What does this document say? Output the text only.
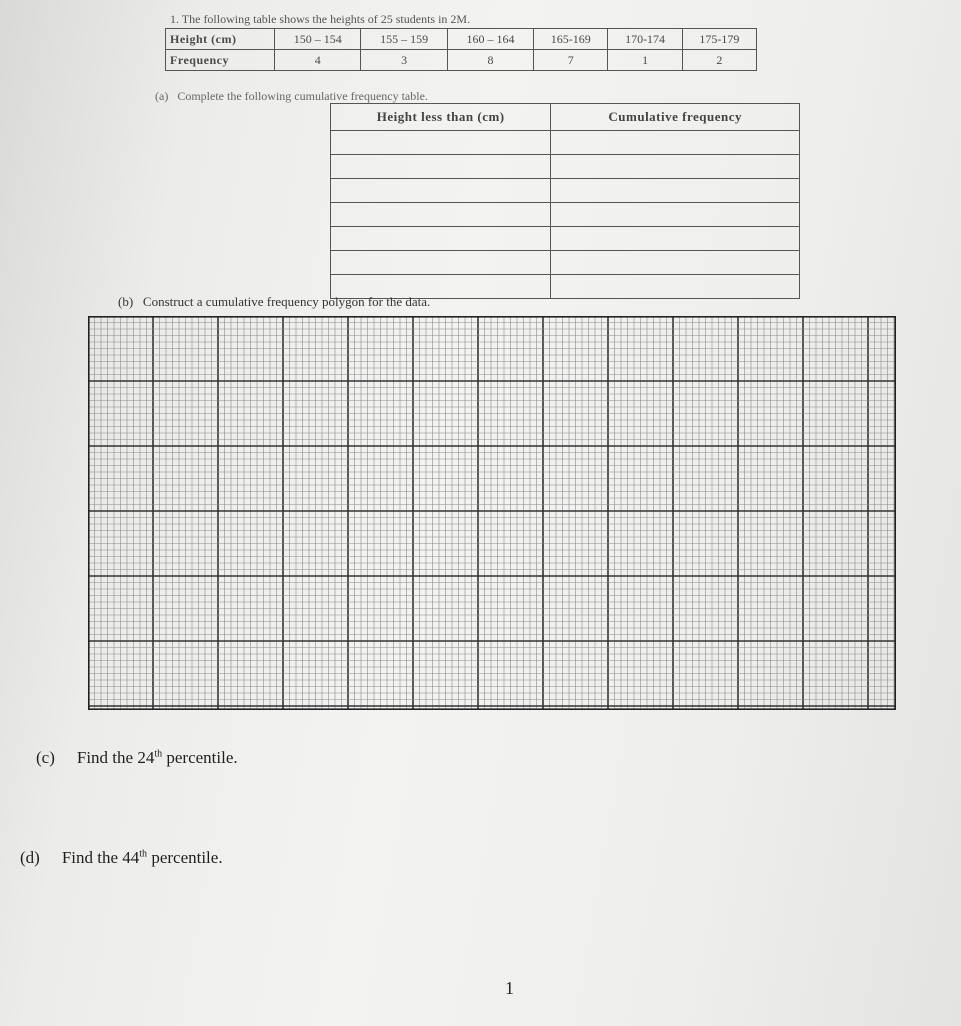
1. The following table shows the heights of 25 students in 2M.
Height (cm)	150 – 154	155 – 159	160 – 164	165-169	170-174	175-179
Frequency	4	3	8	7	1	2
(a) Complete the following cumulative frequency table.
Height less than (cm)	Cumulative frequency

(b) Construct a cumulative frequency polygon for the data.
(c) Find the 24th percentile.
(d) Find the 44th percentile.
1
